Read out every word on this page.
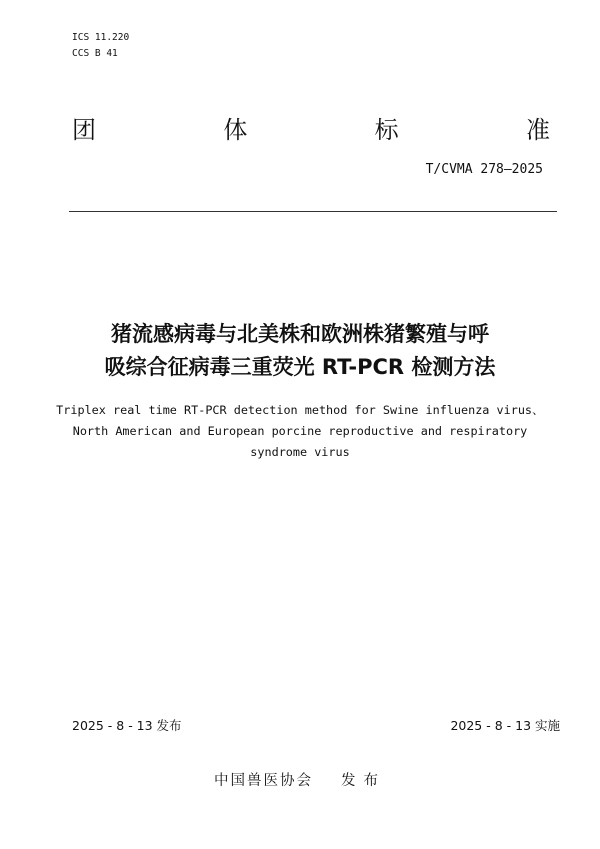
ICS 11.220
CCS B 41
团	体	标	准
T/CVMA 278—2025
猪流感病毒与北美株和欧洲株猪繁殖与呼
吸综合征病毒三重荧光 RT-PCR 检测方法
Triplex real time RT-PCR detection method for Swine influenza virus、
North American and European porcine reproductive and respiratory
syndrome virus
2025 - 8 - 13 发布	2025 - 8 - 13 实施
中国兽医协会 发布
